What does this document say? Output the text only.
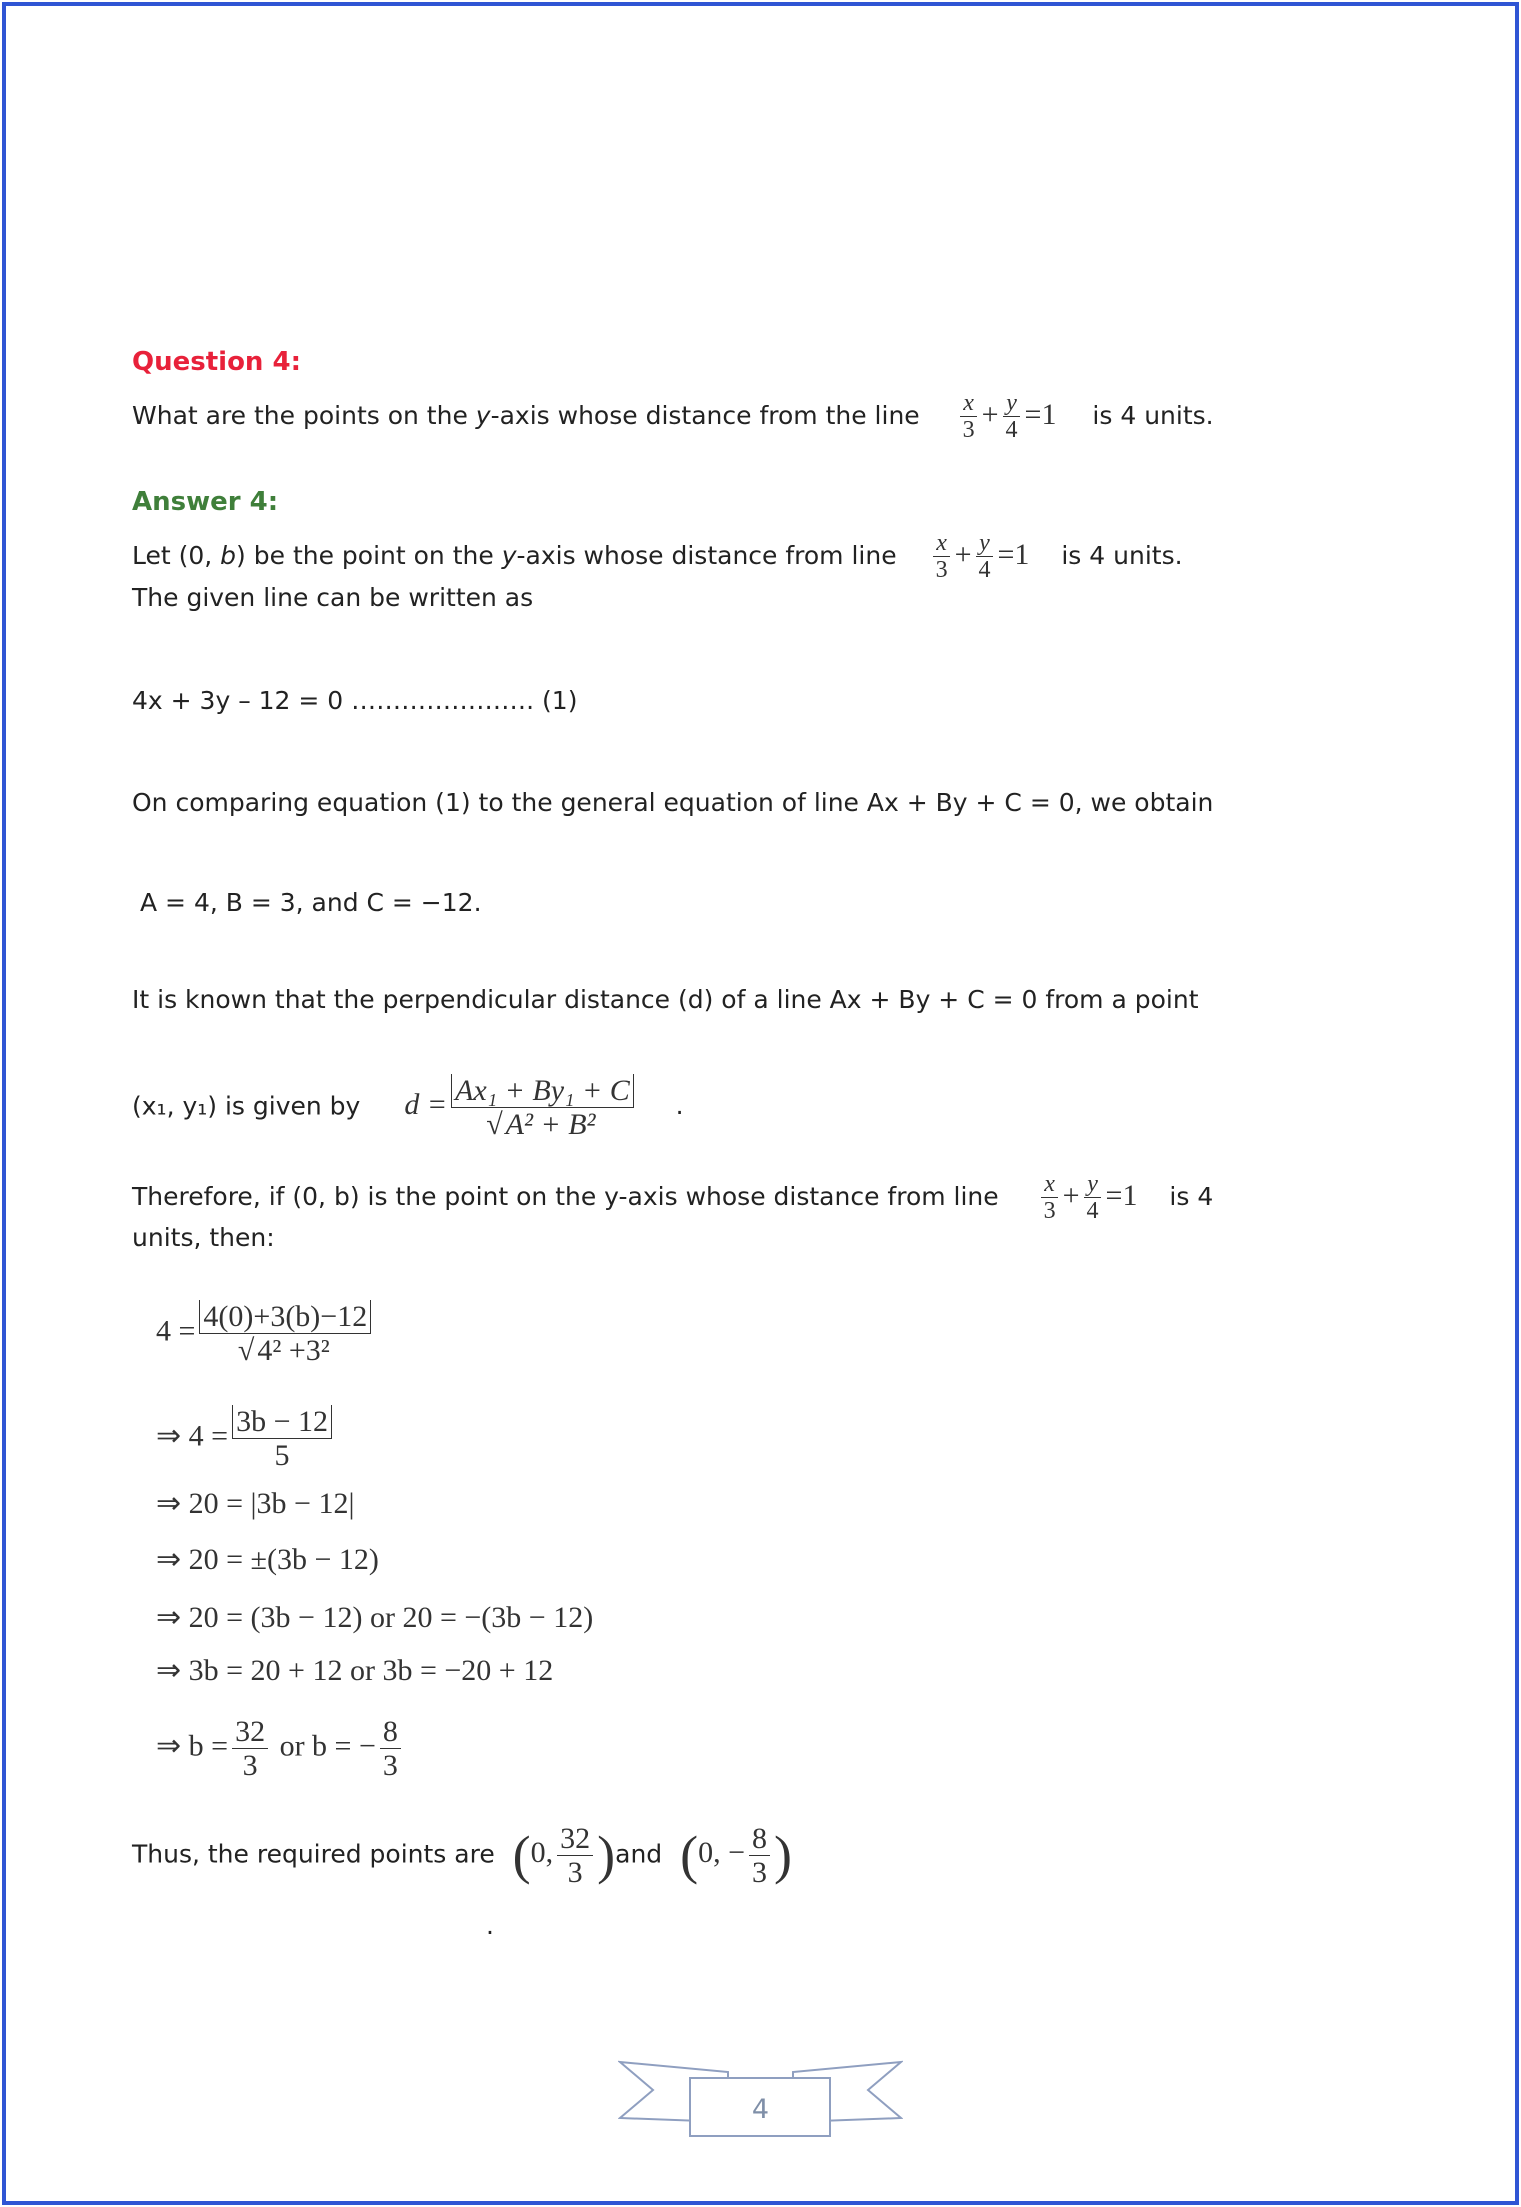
Question 4:
What are the points on the y-axis whose distance from the line $\frac{x}{3} + \frac{y}{4} =1$ is 4 units.
Answer 4:
Let (0, b) be the point on the y-axis whose distance from line $\frac{x}{3} + \frac{y}{4} =1$ is 4 units.
The given line can be written as
4x + 3y – 12 = 0 …………………. (1)
On comparing equation (1) to the general equation of line Ax + By + C = 0, we obtain
A = 4, B = 3, and C = −12.
It is known that the perpendicular distance (d) of a line Ax + By + C = 0 from a point
(x₁, y₁) is given by $d = \frac{\text{Ax₁ + By₁ + C}}{\text{√ A² + B²}}$ .
Therefore, if (0, b) is the point on the y-axis whose distance from line $\frac{x}{3} + \frac{y}{4} =1$ is 4
units, then:
$4 = \frac{4(0)+3(b)-12}{\text{√ 4² +3²}}$
⇒ $4 = \frac{3b - 12}{5}$
⇒ 20 = |3b − 12|
⇒ 20 = ±(3b − 12)
⇒ 20 = (3b − 12) or 20 = −(3b − 12)
⇒ 3b = 20 + 12 or 3b = −20 + 12
⇒ $b = \frac{32}{3}$ or b = − $\frac{8}{3}$
Thus, the required points are (0, $\frac{32}{3} )and$ (0, − $\frac{8}{3}$ )
.
4
